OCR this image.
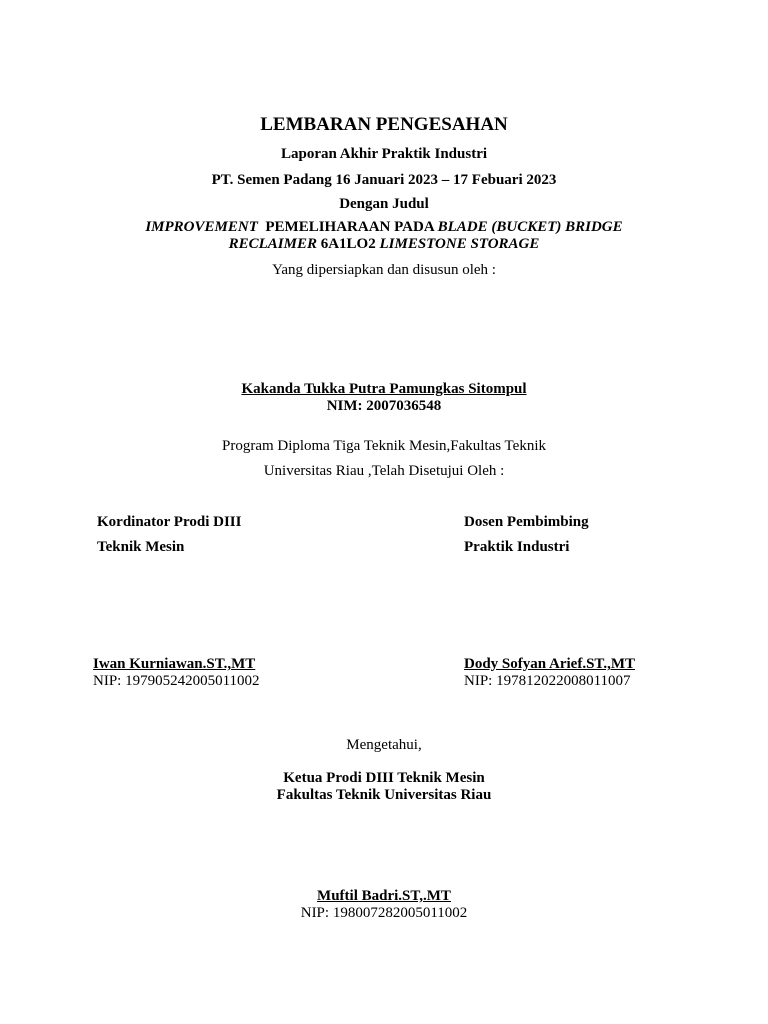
LEMBARAN PENGESAHAN
Laporan Akhir Praktik Industri
PT. Semen Padang 16 Januari 2023 – 17 Febuari 2023
Dengan Judul
IMPROVEMENT PEMELIHARAAN PADA BLADE (BUCKET) BRIDGE
RECLAIMER 6A1LO2 LIMESTONE STORAGE
Yang dipersiapkan dan disusun oleh :
Kakanda Tukka Putra Pamungkas Sitompul
NIM: 2007036548
Program Diploma Tiga Teknik Mesin,Fakultas Teknik
Universitas Riau ,Telah Disetujui Oleh :
Kordinator Prodi DIII
Teknik Mesin
Dosen Pembimbing
Praktik Industri
Iwan Kurniawan.ST.,MT
NIP: 197905242005011002
Dody Sofyan Arief.ST.,MT
NIP: 197812022008011007
Mengetahui,
Ketua Prodi DIII Teknik Mesin
Fakultas Teknik Universitas Riau
Muftil Badri.ST,.MT
NIP: 198007282005011002
